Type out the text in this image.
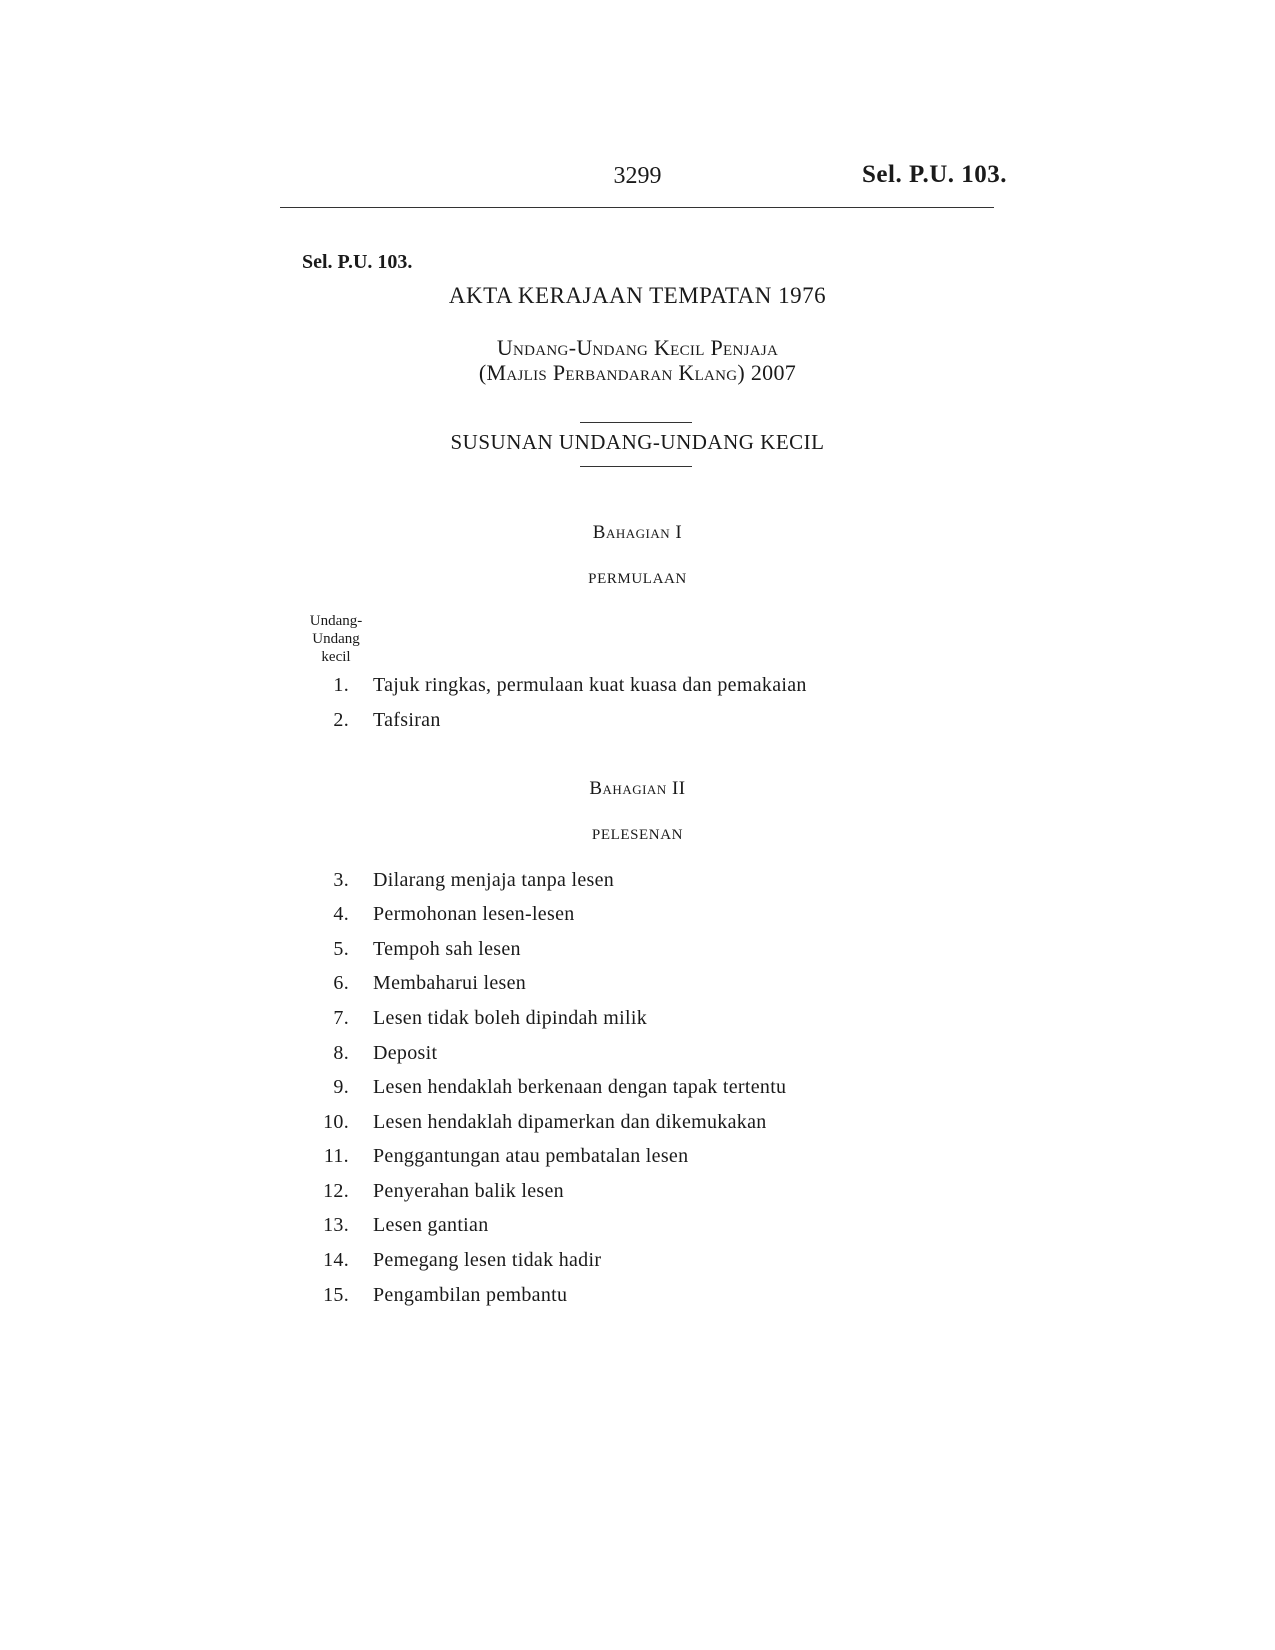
3299	Sel. P.U. 103.
Sel. P.U. 103.
AKTA KERAJAAN TEMPATAN 1976
Undang-Undang Kecil Penjaja
(Majlis Perbandaran Klang) 2007
SUSUNAN UNDANG-UNDANG KECIL
Bahagian I
PERMULAAN
Undang-
Undang
kecil
1. Tajuk ringkas, permulaan kuat kuasa dan pemakaian
2. Tafsiran
Bahagian II
PELESENAN
3. Dilarang menjaja tanpa lesen
4. Permohonan lesen-lesen
5. Tempoh sah lesen
6. Membaharui lesen
7. Lesen tidak boleh dipindah milik
8. Deposit
9. Lesen hendaklah berkenaan dengan tapak tertentu
10. Lesen hendaklah dipamerkan dan dikemukakan
11. Penggantungan atau pembatalan lesen
12. Penyerahan balik lesen
13. Lesen gantian
14. Pemegang lesen tidak hadir
15. Pengambilan pembantu
